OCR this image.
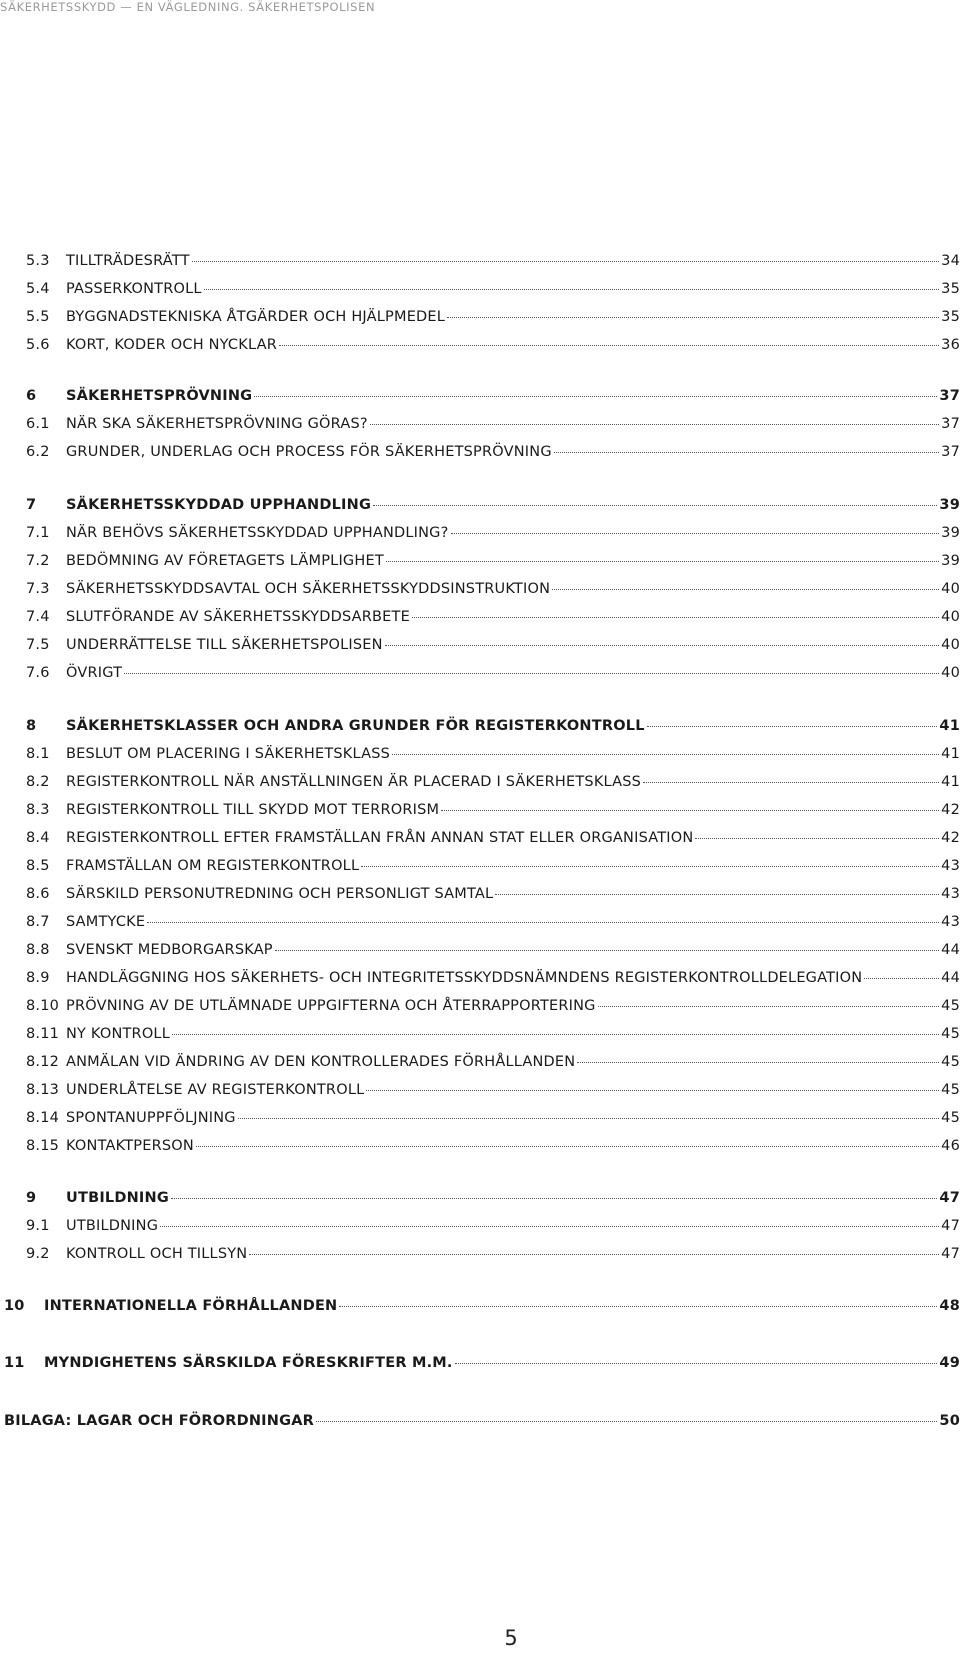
SÄKERHETSSKYDD — EN VÄGLEDNING. SÄKERHETSPOLISEN
5.3	TILLTRÄDESRÄTT	34
5.4	PASSERKONTROLL	35
5.5	BYGGNADSTEKNISKA ÅTGÄRDER OCH HJÄLPMEDEL	35
5.6	KORT, KODER OCH NYCKLAR	36
6	SÄKERHETSPRÖVNING	37
6.1	NÄR SKA SÄKERHETSPRÖVNING GÖRAS?	37
6.2	GRUNDER, UNDERLAG OCH PROCESS FÖR SÄKERHETSPRÖVNING	37
7	SÄKERHETSSKYDDAD UPPHANDLING	39
7.1	NÄR BEHÖVS SÄKERHETSSKYDDAD UPPHANDLING?	39
7.2	BEDÖMNING AV FÖRETAGETS LÄMPLIGHET	39
7.3	SÄKERHETSSKYDDSAVTAL OCH SÄKERHETSSKYDDSINSTRUKTION	40
7.4	SLUTFÖRANDE AV SÄKERHETSSKYDDSARBETE	40
7.5	UNDERRÄTTELSE TILL SÄKERHETSPOLISEN	40
7.6	ÖVRIGT	40
8	SÄKERHETSKLASSER OCH ANDRA GRUNDER FÖR REGISTERKONTROLL	41
8.1	BESLUT OM PLACERING I SÄKERHETSKLASS	41
8.2	REGISTERKONTROLL NÄR ANSTÄLLNINGEN ÄR PLACERAD I SÄKERHETSKLASS	41
8.3	REGISTERKONTROLL TILL SKYDD MOT TERRORISM	42
8.4	REGISTERKONTROLL EFTER FRAMSTÄLLAN FRÅN ANNAN STAT ELLER ORGANISATION	42
8.5	FRAMSTÄLLAN OM REGISTERKONTROLL	43
8.6	SÄRSKILD PERSONUTREDNING OCH PERSONLIGT SAMTAL	43
8.7	SAMTYCKE	43
8.8	SVENSKT MEDBORGARSKAP	44
8.9	HANDLÄGGNING HOS SÄKERHETS- OCH INTEGRITETSSKYDDSNÄMNDENS REGISTERKONTROLLDELEGATION	44
8.10 PRÖVNING AV DE UTLÄMNADE UPPGIFTERNA OCH ÅTERRAPPORTERING	45
8.11 NY KONTROLL	45
8.12 ANMÄLAN VID ÄNDRING AV DEN KONTROLLERADES FÖRHÅLLANDEN	45
8.13 UNDERLÅTELSE AV REGISTERKONTROLL	45
8.14 SPONTANUPPFÖLJNING	45
8.15 KONTAKTPERSON	46
9	UTBILDNING	47
9.1	UTBILDNING	47
9.2	KONTROLL OCH TILLSYN	47
10	INTERNATIONELLA FÖRHÅLLANDEN	48
11	MYNDIGHETENS SÄRSKILDA FÖRESKRIFTER M.M.	49
BILAGA: LAGAR OCH FÖRORDNINGAR	50
5
